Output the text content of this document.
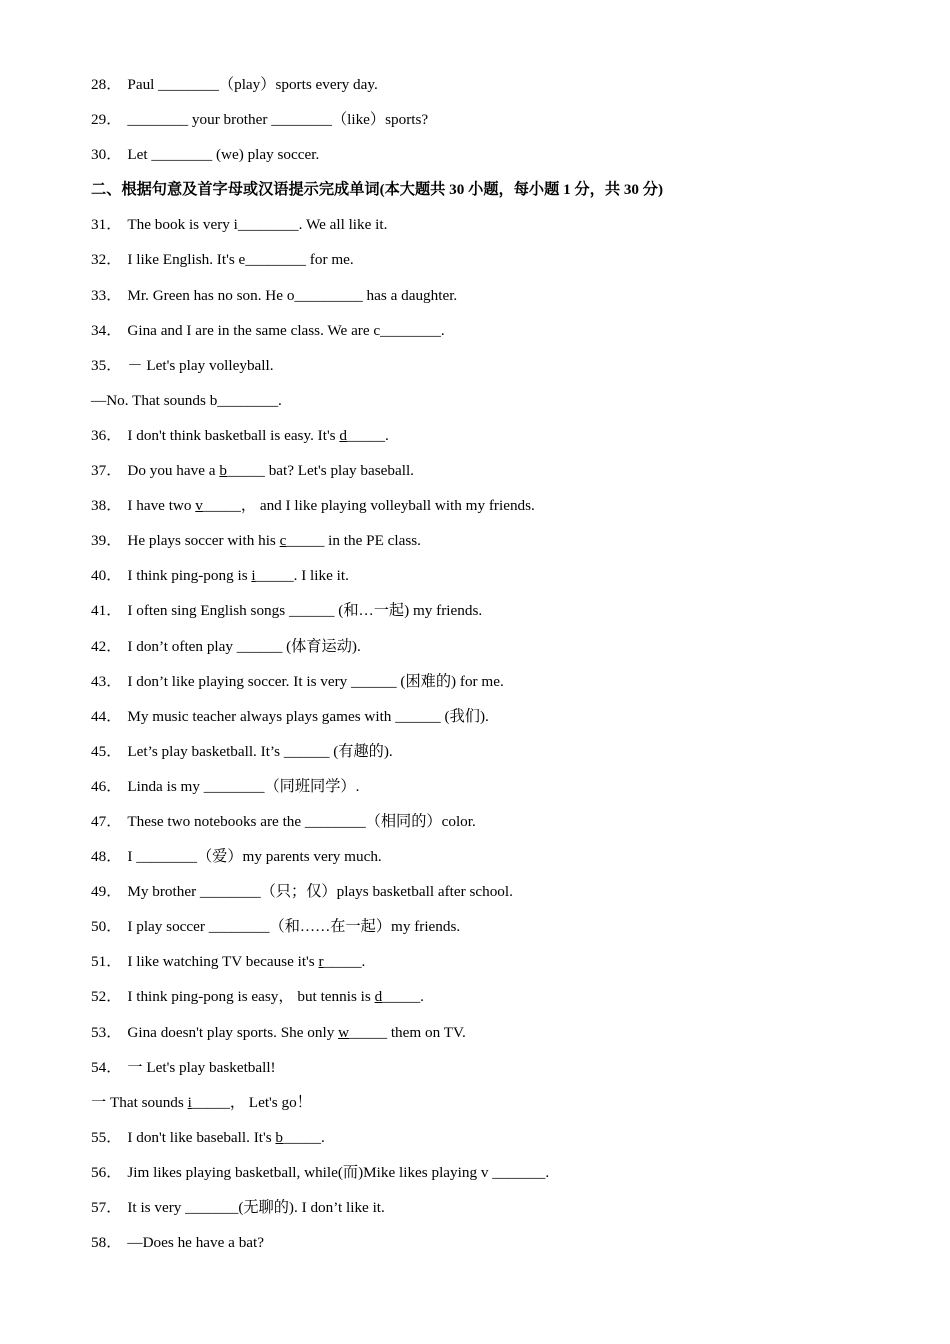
28． Paul ________（play）sports every day.
29． ________ your brother ________（like）sports?
30． Let ________ (we) play soccer.
二、根据句意及首字母或汉语提示完成单词(本大题共 30 小题，每小题 1 分，共 30 分)
31． The book is very i________. We all like it.
32． I like English. It's e________ for me.
33． Mr. Green has no son. He o_________ has a daughter.
34． Gina and I are in the same class. We are c________.
35． － Let's play volleyball.
—No. That sounds b________.
36． I don't think basketball is easy. It's d_____.
37． Do you have a b_____ bat? Let's play baseball.
38． I have two v_____， and I like playing volleyball with my friends.
39． He plays soccer with his c_____ in the PE class.
40． I think ping-pong is i_____. I like it.
41． I often sing English songs ______ (和…一起) my friends.
42． I don’t often play ______ (体育运动).
43． I don’t like playing soccer. It is very ______ (困难的) for me.
44． My music teacher always plays games with ______ (我们).
45． Let’s play basketball. It’s ______ (有趣的).
46． Linda is my ________（同班同学）.
47． These two notebooks are the ________（相同的）color.
48． I ________（爱）my parents very much.
49． My brother ________（只；仅）plays basketball after school.
50． I play soccer ________（和……在一起）my friends.
51． I like watching TV because it's r_____.
52． I think ping-pong is easy， but tennis is d_____.
53． Gina doesn't play sports. She only w_____ them on TV.
54． 一 Let's play basketball!
一 That sounds i_____， Let's go！
55． I don't like baseball. It's b_____.
56． Jim likes playing basketball, while(而)Mike likes playing v _______.
57． It is very _______(无聊的). I don’t like it.
58． —Does he have a bat?
